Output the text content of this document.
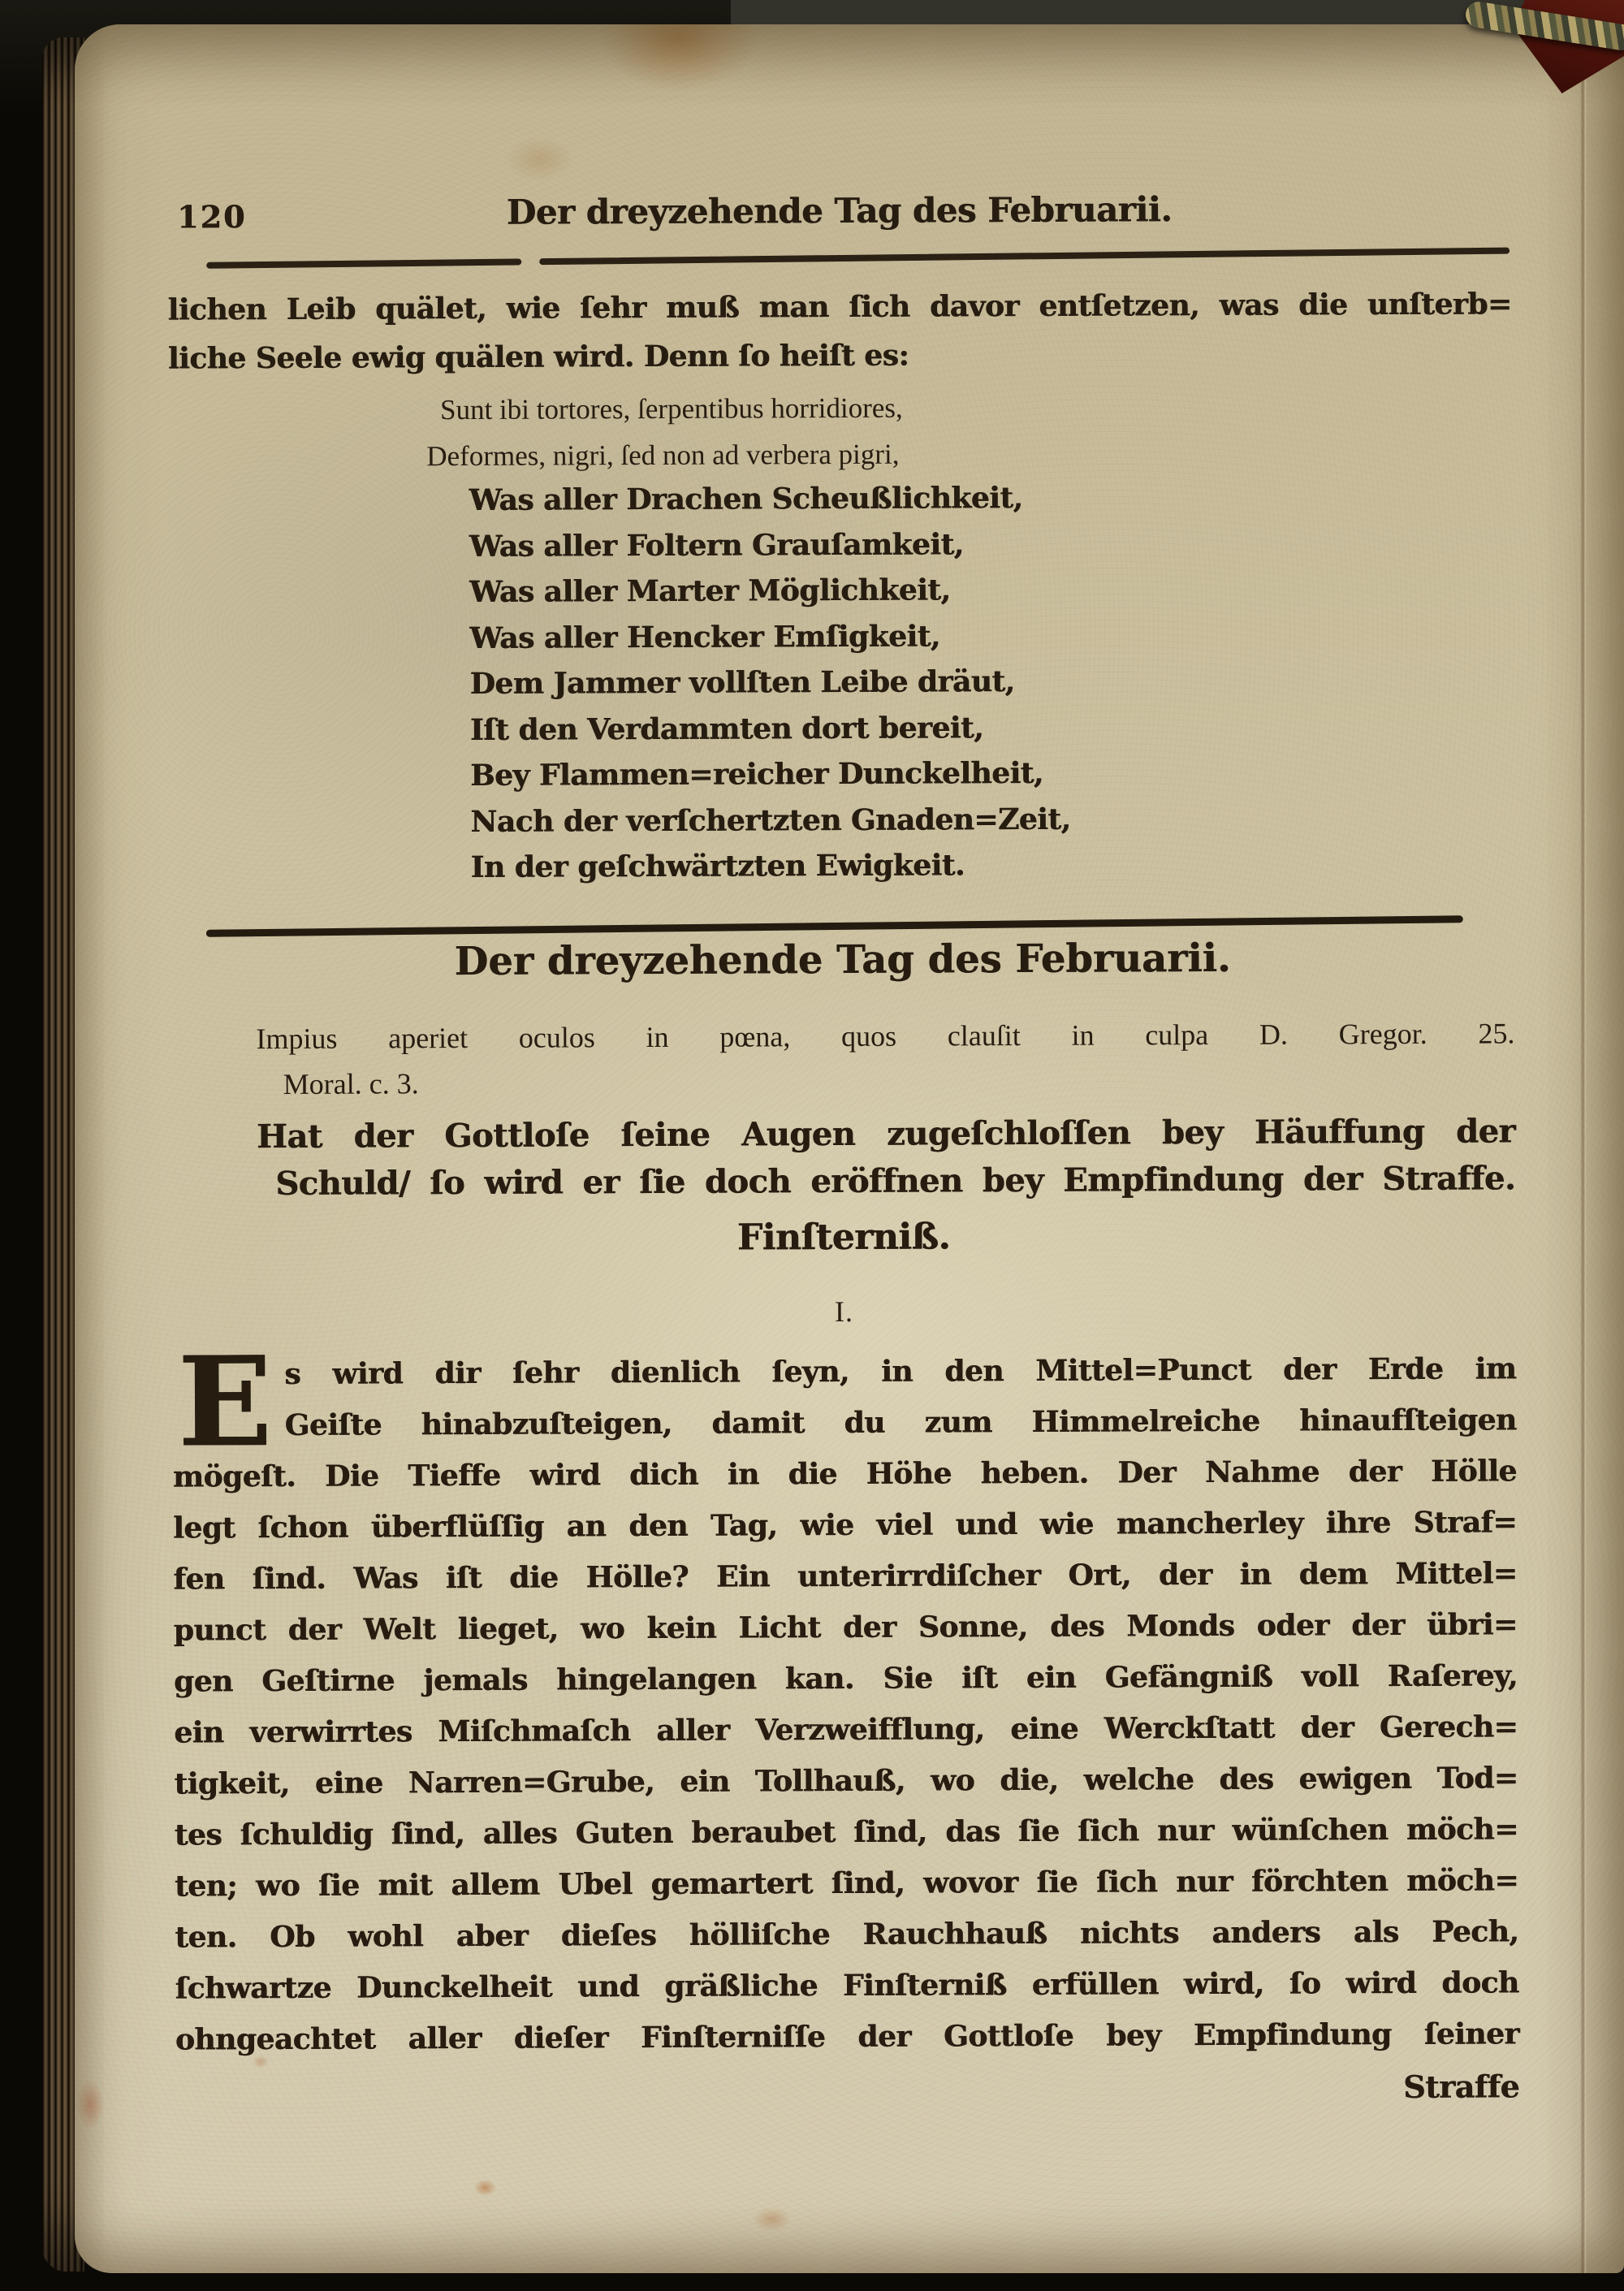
120	Der dreyzehende Tag des Februarii.
lichen Leib quälet, wie ſehr muß man ſich davor entſetzen, was die unſterb=
liche Seele ewig quälen wird. Denn ſo heiſt es:
Sunt ibi tortores, ſerpentibus horridiores,
Deformes, nigri, ſed non ad verbera pigri,
Was aller Drachen Scheußlichkeit,
Was aller Foltern Grauſamkeit,
Was aller Marter Möglichkeit,
Was aller Hencker Emſigkeit,
Dem Jammer vollſten Leibe dräut,
Iſt den Verdammten dort bereit,
Bey Flammen=reicher Dunckelheit,
Nach der verſchertzten Gnaden=Zeit,
In der geſchwärtzten Ewigkeit.
Der dreyzehende Tag des Februarii.
Impius aperiet oculos in pœna, quos clauſit in culpa D. Gregor. 25.
Moral. c. 3.
Hat der Gottloſe ſeine Augen zugeſchloſſen bey Häuffung der
Schuld/ ſo wird er ſie doch eröffnen bey Empfindung der Straffe.
Finſterniß.
I.
E s wird dir ſehr dienlich ſeyn, in den Mittel=Punct der Erde im
Geiſte hinabzuſteigen, damit du zum Himmelreiche hinaufſteigen
mögeſt. Die Tieffe wird dich in die Höhe heben. Der Nahme der Hölle
legt ſchon überflüſſig an den Tag, wie viel und wie mancherley ihre Straf=
fen ſind. Was iſt die Hölle? Ein unterirrdiſcher Ort, der in dem Mittel=
punct der Welt lieget, wo kein Licht der Sonne, des Monds oder der übri=
gen Geſtirne jemals hingelangen kan. Sie iſt ein Gefängniß voll Raſerey,
ein verwirrtes Miſchmaſch aller Verzweifflung, eine Werckſtatt der Gerech=
tigkeit, eine Narren=Grube, ein Tollhauß, wo die, welche des ewigen Tod=
tes ſchuldig ſind, alles Guten beraubet ſind, das ſie ſich nur wünſchen möch=
ten; wo ſie mit allem Ubel gemartert ſind, wovor ſie ſich nur förchten möch=
ten. Ob wohl aber dieſes hölliſche Rauchhauß nichts anders als Pech,
ſchwartze Dunckelheit und gräßliche Finſterniß erfüllen wird, ſo wird doch
ohngeachtet aller dieſer Finſterniſſe der Gottloſe bey Empfindung ſeiner
Straffe
